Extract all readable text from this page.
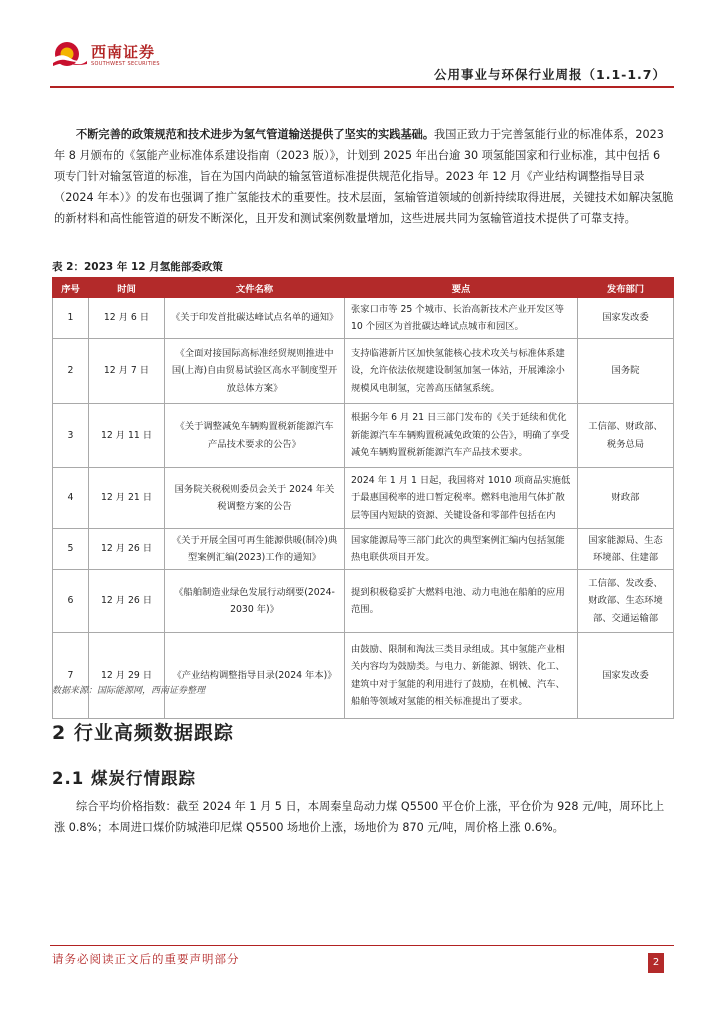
西南证券
SOUTHWEST SECURITIES
公用事业与环保行业周报（1.1-1.7）
不断完善的政策规范和技术进步为氢气管道输送提供了坚实的实践基础。我国正致力于完善氢能行业的标准体系，2023 年 8 月颁布的《氢能产业标准体系建设指南（2023 版）》，计划到 2025 年出台逾 30 项氢能国家和行业标准，其中包括 6 项专门针对输氢管道的标准，旨在为国内尚缺的输氢管道标准提供规范化指导。2023 年 12 月《产业结构调整指导目录（2024 年本）》的发布也强调了推广氢能技术的重要性。技术层面，氢输管道领域的创新持续取得进展，关键技术如解决氢脆的新材料和高性能管道的研发不断深化，且开发和测试案例数量增加，这些进展共同为氢输管道技术提供了可靠支持。
表 2：2023 年 12 月氢能部委政策
序号	时间	文件名称	要点	发布部门
1	12 月 6 日	《关于印发首批碳达峰试点名单的通知》	张家口市等 25 个城市、长治高新技术产业开发区等 10 个园区为首批碳达峰试点城市和园区。	国家发改委
2	12 月 7 日	《全面对接国际高标准经贸规则推进中国(上海)自由贸易试验区高水平制度型开放总体方案》	支持临港新片区加快氢能核心技术攻关与标准体系建设，允许依法依规建设制氢加氢一体站，开展滩涂小规模风电制氢，完善高压储氢系统。	国务院
3	12 月 11 日	《关于调整减免车辆购置税新能源汽车产品技术要求的公告》	根据今年 6 月 21 日三部门发布的《关于延续和优化新能源汽车车辆购置税减免政策的公告》，明确了享受减免车辆购置税新能源汽车产品技术要求。	工信部、财政部、税务总局
4	12 月 21 日	国务院关税税则委员会关于 2024 年关税调整方案的公告	2024 年 1 月 1 日起，我国将对 1010 项商品实施低于最惠国税率的进口暂定税率。燃料电池用气体扩散层等国内短缺的资源、关键设备和零部件包括在内	财政部
5	12 月 26 日	《关于开展全国可再生能源供暖(制冷)典型案例汇编(2023)工作的通知》	国家能源局等三部门此次的典型案例汇编内包括氢能热电联供项目开发。	国家能源局、生态环境部、住建部
6	12 月 26 日	《船舶制造业绿色发展行动纲要(2024-2030 年)》	提到积极稳妥扩大燃料电池、动力电池在船舶的应用范围。	工信部、发改委、财政部、生态环境部、交通运输部
7	12 月 29 日	《产业结构调整指导目录(2024 年本)》	由鼓励、限制和淘汰三类目录组成。其中氢能产业相关内容均为鼓励类。与电力、新能源、钢铁、化工、建筑中对于氢能的利用进行了鼓励，在机械、汽车、船舶等领域对氢能的相关标准提出了要求。	国家发改委
数据来源：国际能源网，西南证券整理
2 行业高频数据跟踪
2.1 煤炭行情跟踪
综合平均价格指数：截至 2024 年 1 月 5 日，本周秦皇岛动力煤 Q5500 平仓价上涨，平仓价为 928 元/吨，周环比上涨 0.8%；本周进口煤价防城港印尼煤 Q5500 场地价上涨，场地价为 870 元/吨，周价格上涨 0.6%。
请务必阅读正文后的重要声明部分	2
